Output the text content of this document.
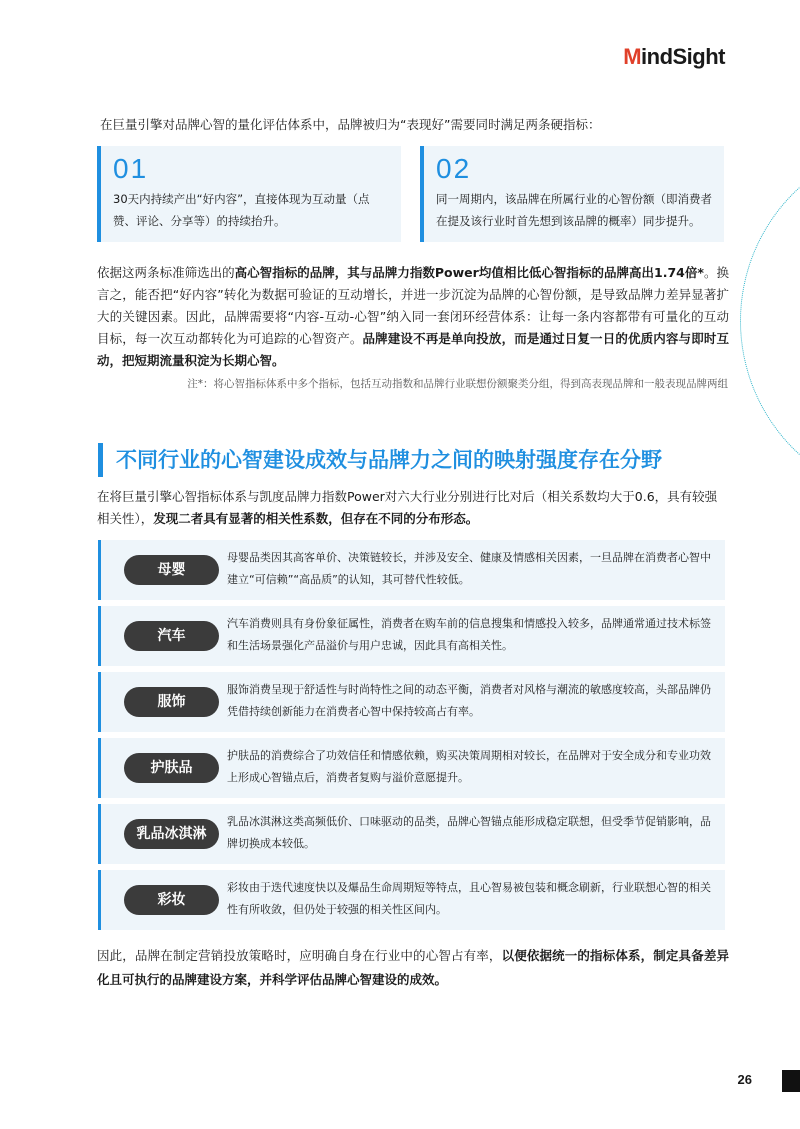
M indSight
在巨量引擎对品牌心智的量化评估体系中，品牌被归为“表现好”需要同时满足两条硬指标：
01
30天内持续产出“好内容”，直接体现为互动量（点赞、评论、分享等）的持续抬升。
02
同一周期内，该品牌在所属行业的心智份额（即消费者在提及该行业时首先想到该品牌的概率）同步提升。
依据这两条标准筛选出的高心智指标的品牌，其与品牌力指数Power均值相比低心智指标的品牌高出1.74倍*。换言之，能否把“好内容”转化为数据可验证的互动增长，并进一步沉淀为品牌的心智份额，是导致品牌力差异显著扩大的关键因素。因此，品牌需要将“内容-互动-心智”纳入同一套闭环经营体系：让每一条内容都带有可量化的互动目标，每一次互动都转化为可追踪的心智资产。品牌建设不再是单向投放，而是通过日复一日的优质内容与即时互动，把短期流量积淀为长期心智。
注*：将心智指标体系中多个指标，包括互动指数和品牌行业联想份额聚类分组，得到高表现品牌和一般表现品牌两组
不同行业的心智建设成效与品牌力之间的映射强度存在分野
在将巨量引擎心智指标体系与凯度品牌力指数Power对六大行业分别进行比对后（相关系数均大于0.6，具有较强相关性），发现二者具有显著的相关性系数，但存在不同的分布形态。
母婴
母婴品类因其高客单价、决策链较长，并涉及安全、健康及情感相关因素，一旦品牌在消费者心智中建立“可信赖”“高品质”的认知，其可替代性较低。
汽车
汽车消费则具有身份象征属性，消费者在购车前的信息搜集和情感投入较多，品牌通常通过技术标签和生活场景强化产品溢价与用户忠诚，因此具有高相关性。
服饰
服饰消费呈现于舒适性与时尚特性之间的动态平衡，消费者对风格与潮流的敏感度较高，头部品牌仍凭借持续创新能力在消费者心智中保持较高占有率。
护肤品
护肤品的消费综合了功效信任和情感依赖，购买决策周期相对较长，在品牌对于安全成分和专业功效上形成心智锚点后，消费者复购与溢价意愿提升。
乳品冰淇淋
乳品冰淇淋这类高频低价、口味驱动的品类，品牌心智锚点能形成稳定联想，但受季节促销影响，品牌切换成本较低。
彩妆
彩妆由于迭代速度快以及爆品生命周期短等特点，且心智易被包装和概念刷新，行业联想心智的相关性有所收敛，但仍处于较强的相关性区间内。
因此，品牌在制定营销投放策略时，应明确自身在行业中的心智占有率，以便依据统一的指标体系，制定具备差异化且可执行的品牌建设方案，并科学评估品牌心智建设的成效。
26
